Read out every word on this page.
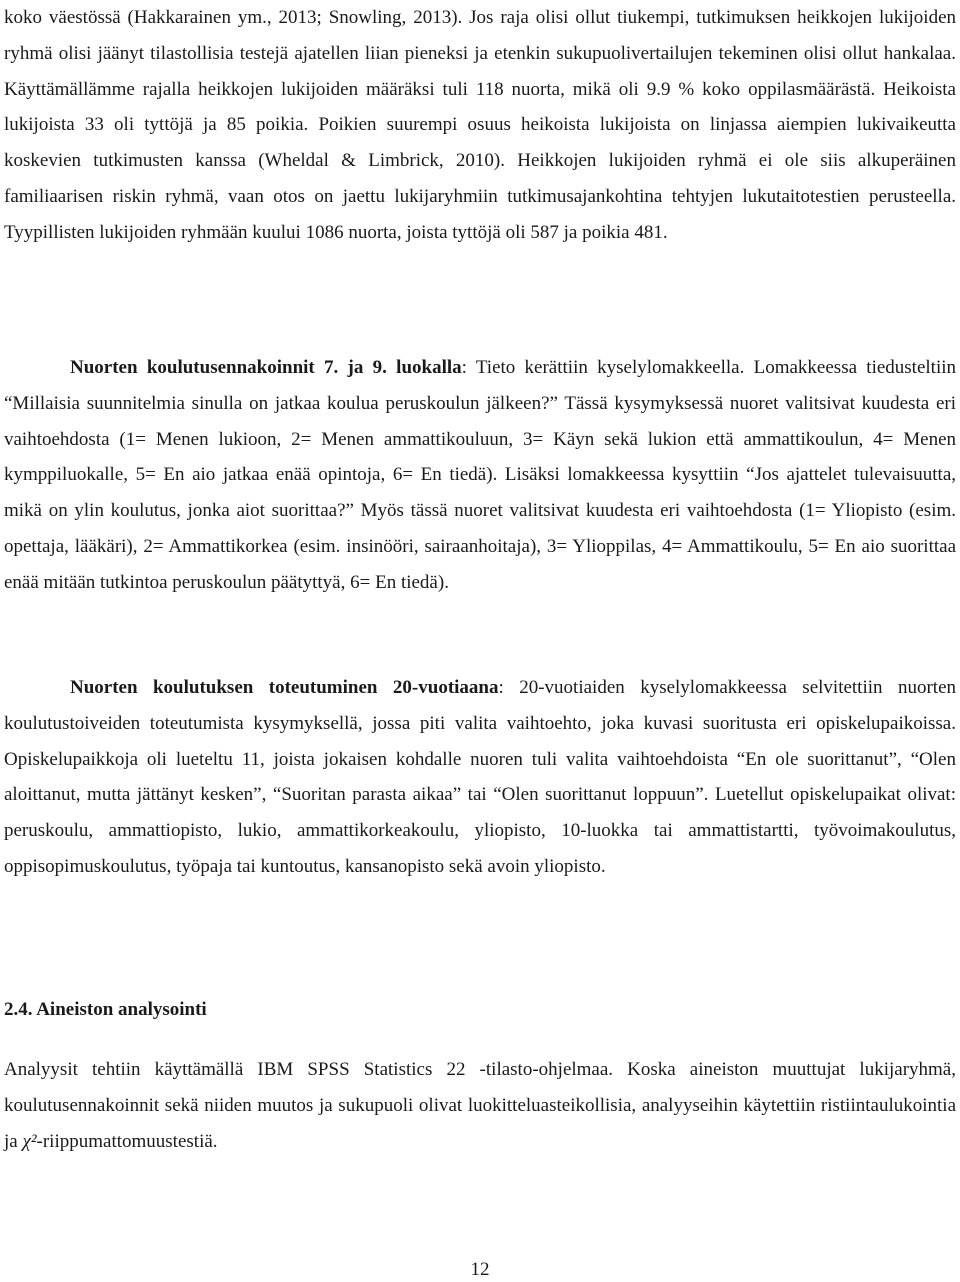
koko väestössä (Hakkarainen ym., 2013; Snowling, 2013). Jos raja olisi ollut tiukempi, tutkimuksen heikkojen lukijoiden ryhmä olisi jäänyt tilastollisia testejä ajatellen liian pieneksi ja etenkin sukupuolivertailujen tekeminen olisi ollut hankalaa. Käyttämällämme rajalla heikkojen lukijoiden määräksi tuli 118 nuorta, mikä oli 9.9 % koko oppilasmäärästä. Heikoista lukijoista 33 oli tyttöjä ja 85 poikia. Poikien suurempi osuus heikoista lukijoista on linjassa aiempien lukivaikeutta koskevien tutkimusten kanssa (Wheldal & Limbrick, 2010). Heikkojen lukijoiden ryhmä ei ole siis alkuperäinen familiaarisen riskin ryhmä, vaan otos on jaettu lukijaryhmiin tutkimusajankohtina tehtyjen lukutaitotestien perusteella. Tyypillisten lukijoiden ryhmään kuului 1086 nuorta, joista tyttöjä oli 587 ja poikia 481.

Nuorten koulutusennakoinnit 7. ja 9. luokalla: Tieto kerättiin kyselylomakkeella. Lomakkeessa tiedusteltiin “Millaisia suunnitelmia sinulla on jatkaa koulua peruskoulun jälkeen?” Tässä kysymyksessä nuoret valitsivat kuudesta eri vaihtoehdosta (1= Menen lukioon, 2= Menen ammattikouluun, 3= Käyn sekä lukion että ammattikoulun, 4= Menen kymppiluokalle, 5= En aio jatkaa enää opintoja, 6= En tiedä). Lisäksi lomakkeessa kysyttiin “Jos ajattelet tulevaisuutta, mikä on ylin koulutus, jonka aiot suorittaa?” Myös tässä nuoret valitsivat kuudesta eri vaihtoehdosta (1= Yliopisto (esim. opettaja, lääkäri), 2= Ammattikorkea (esim. insinööri, sairaanhoitaja), 3= Ylioppilas, 4= Ammattikoulu, 5= En aio suorittaa enää mitään tutkintoa peruskoulun päätyttyä, 6= En tiedä).

Nuorten koulutuksen toteutuminen 20-vuotiaana: 20-vuotiaiden kyselylomakkeessa selvitettiin nuorten koulutustoiveiden toteutumista kysymyksellä, jossa piti valita vaihtoehto, joka kuvasi suoritusta eri opiskelupaikoissa. Opiskelupaikkoja oli lueteltu 11, joista jokaisen kohdalle nuoren tuli valita vaihtoehdoista “En ole suorittanut”, “Olen aloittanut, mutta jättänyt kesken”, “Suoritan parasta aikaa” tai “Olen suorittanut loppuun”. Luetellut opiskelupaikat olivat: peruskoulu, ammattiopisto, lukio, ammattikorkeakoulu, yliopisto, 10-luokka tai ammattistartti, työvoimakoulutus, oppisopimuskoulutus, työpaja tai kuntoutus, kansanopisto sekä avoin yliopisto.

2.4. Aineiston analysointi

Analyysit tehtiin käyttämällä IBM SPSS Statistics 22 -tilasto-ohjelmaa. Koska aineiston muuttujat lukijaryhmä, koulutusennakoinnit sekä niiden muutos ja sukupuoli olivat luokitteluasteikollisia, analyyseihin käytettiin ristiintaulukointia ja χ²-riippumattomuustestiä.

12
